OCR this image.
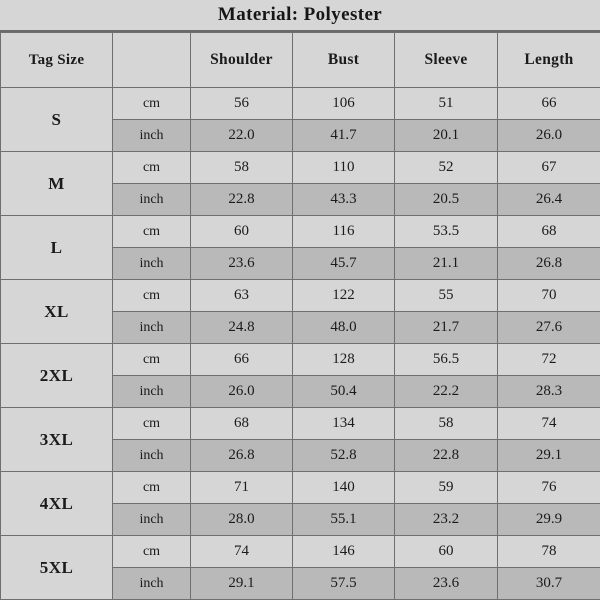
Material: Polyester
Tag Size		Shoulder	Bust	Sleeve	Length
S	cm	56	106	51	66
	inch	22.0	41.7	20.1	26.0
M	cm	58	110	52	67
	inch	22.8	43.3	20.5	26.4
L	cm	60	116	53.5	68
	inch	23.6	45.7	21.1	26.8
XL	cm	63	122	55	70
	inch	24.8	48.0	21.7	27.6
2XL	cm	66	128	56.5	72
	inch	26.0	50.4	22.2	28.3
3XL	cm	68	134	58	74
	inch	26.8	52.8	22.8	29.1
4XL	cm	71	140	59	76
	inch	28.0	55.1	23.2	29.9
5XL	cm	74	146	60	78
	inch	29.1	57.5	23.6	30.7
